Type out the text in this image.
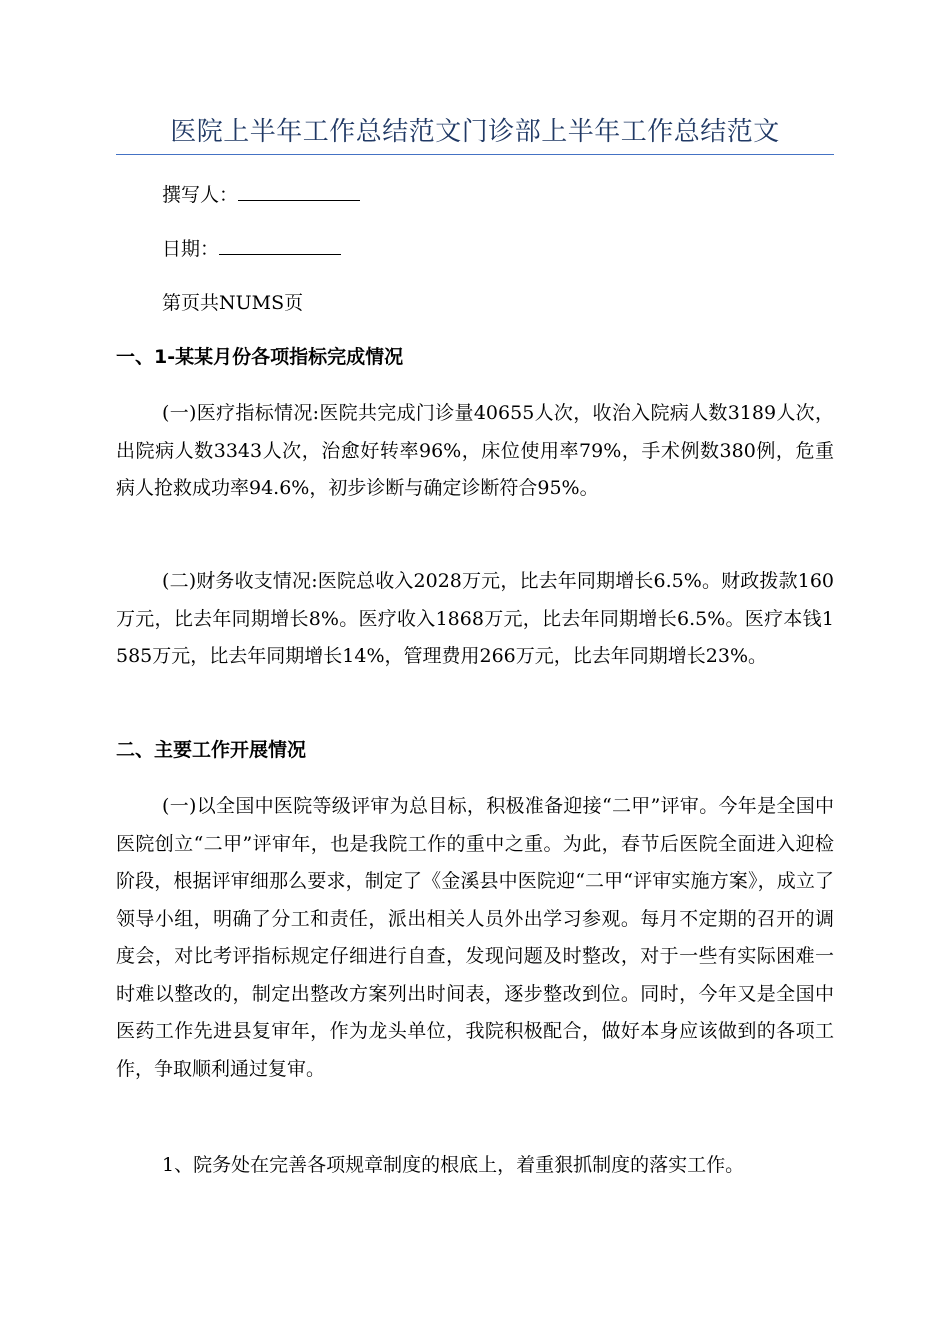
医院上半年工作总结范文门诊部上半年工作总结范文
撰写人：
日期：
第页共NUMS页
一、1-某某月份各项指标完成情况
(一)医疗指标情况:医院共完成门诊量40655人次，收治入院病人数3189人次，出院病人数3343人次，治愈好转率96%，床位使用率79%，手术例数380例，危重病人抢救成功率94.6%，初步诊断与确定诊断符合95%。
(二)财务收支情况:医院总收入2028万元，比去年同期增长6.5%。财政拨款160万元，比去年同期增长8%。医疗收入1868万元，比去年同期增长6.5%。医疗本钱1585万元，比去年同期增长14%，管理费用266万元，比去年同期增长23%。
二、主要工作开展情况
(一)以全国中医院等级评审为总目标，积极准备迎接“二甲”评审。今年是全国中医院创立“二甲”评审年，也是我院工作的重中之重。为此，春节后医院全面进入迎检阶段，根据评审细那么要求，制定了《金溪县中医院迎“二甲“评审实施方案》，成立了领导小组，明确了分工和责任，派出相关人员外出学习参观。每月不定期的召开的调度会，对比考评指标规定仔细进行自查，发现问题及时整改，对于一些有实际困难一时难以整改的，制定出整改方案列出时间表，逐步整改到位。同时，今年又是全国中医药工作先进县复审年，作为龙头单位，我院积极配合，做好本身应该做到的各项工作，争取顺利通过复审。
1、院务处在完善各项规章制度的根底上，着重狠抓制度的落实工作。
